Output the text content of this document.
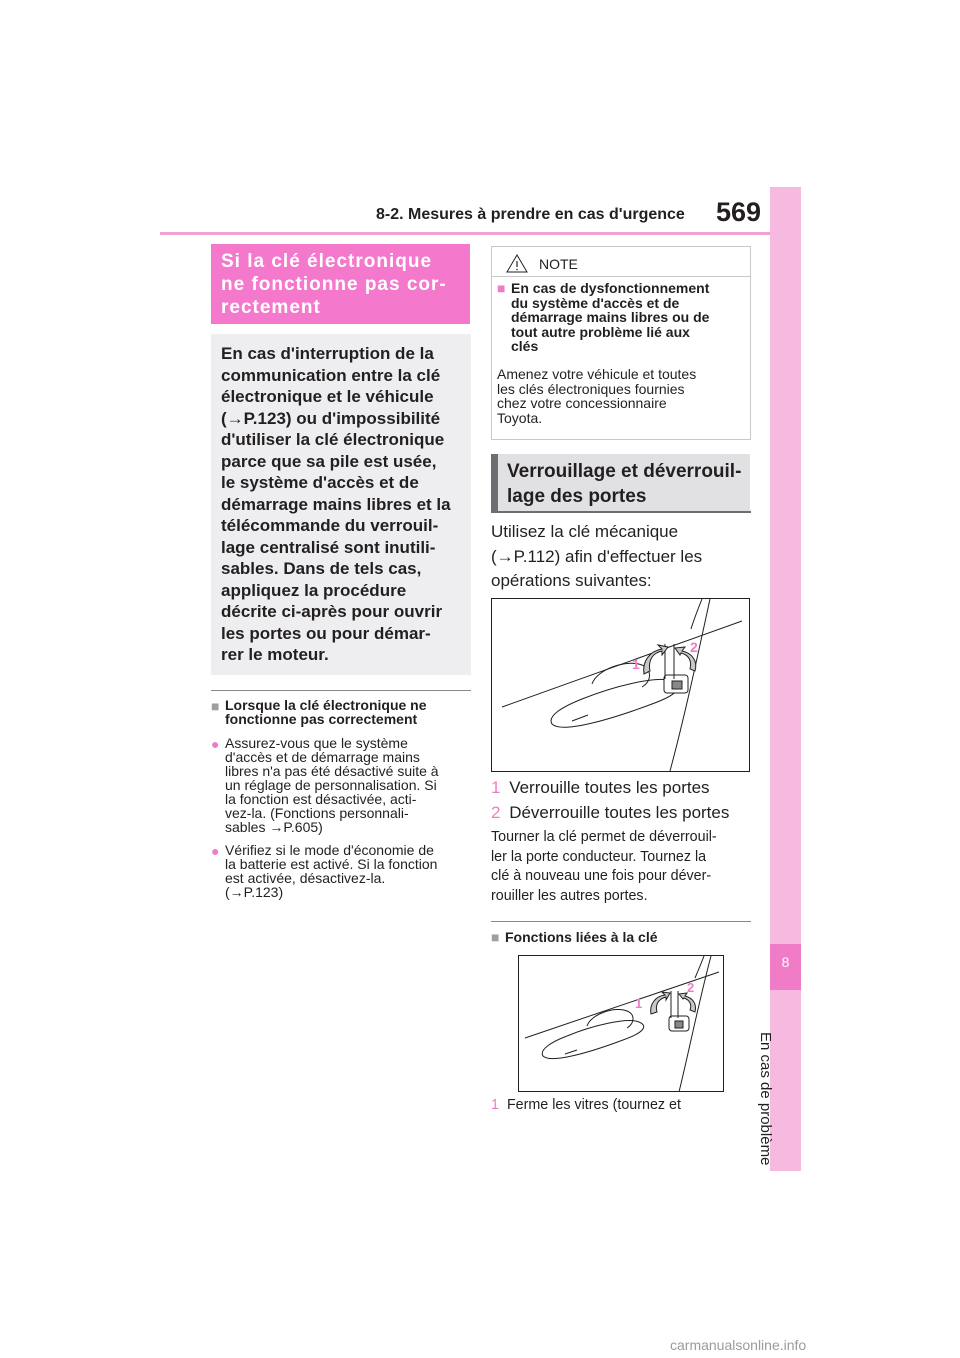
8-2. Mesures à prendre en cas d'urgence 569
8
En cas de problème
Si la clé électronique
ne fonctionne pas cor-
rectement
En cas d'interruption de la
communication entre la clé
électronique et le véhicule
(→P.123) ou d'impossibilité
d'utiliser la clé électronique
parce que sa pile est usée,
le système d'accès et de
démarrage mains libres et la
télécommande du verrouil-
lage centralisé sont inutili-
sables. Dans de tels cas,
appliquez la procédure
décrite ci-après pour ouvrir
les portes ou pour démar-
rer le moteur.
■ Lorsque la clé électronique ne
fonctionne pas correctement
● Assurez-vous que le système
d'accès et de démarrage mains
libres n'a pas été désactivé suite à
un réglage de personnalisation. Si
la fonction est désactivée, acti-
vez-la. (Fonctions personnali-
sables →P.605)
● Vérifiez si le mode d'économie de
la batterie est activé. Si la fonction
est activée, désactivez-la.
(→P.123)
NOTE
■ En cas de dysfonctionnement
du système d'accès et de
démarrage mains libres ou de
tout autre problème lié aux
clés
Amenez votre véhicule et toutes
les clés électroniques fournies
chez votre concessionnaire
Toyota.
Verrouillage et déverrouil-
lage des portes
Utilisez la clé mécanique
(→P.112) afin d'effectuer les
opérations suivantes:
1
2
1 Verrouille toutes les portes
2 Déverrouille toutes les portes
Tourner la clé permet de déverrouil-
ler la porte conducteur. Tournez la
clé à nouveau une fois pour déver-
rouiller les autres portes.
■ Fonctions liées à la clé
1
2
1 Ferme les vitres (tournez et
carmanualsonline.info
